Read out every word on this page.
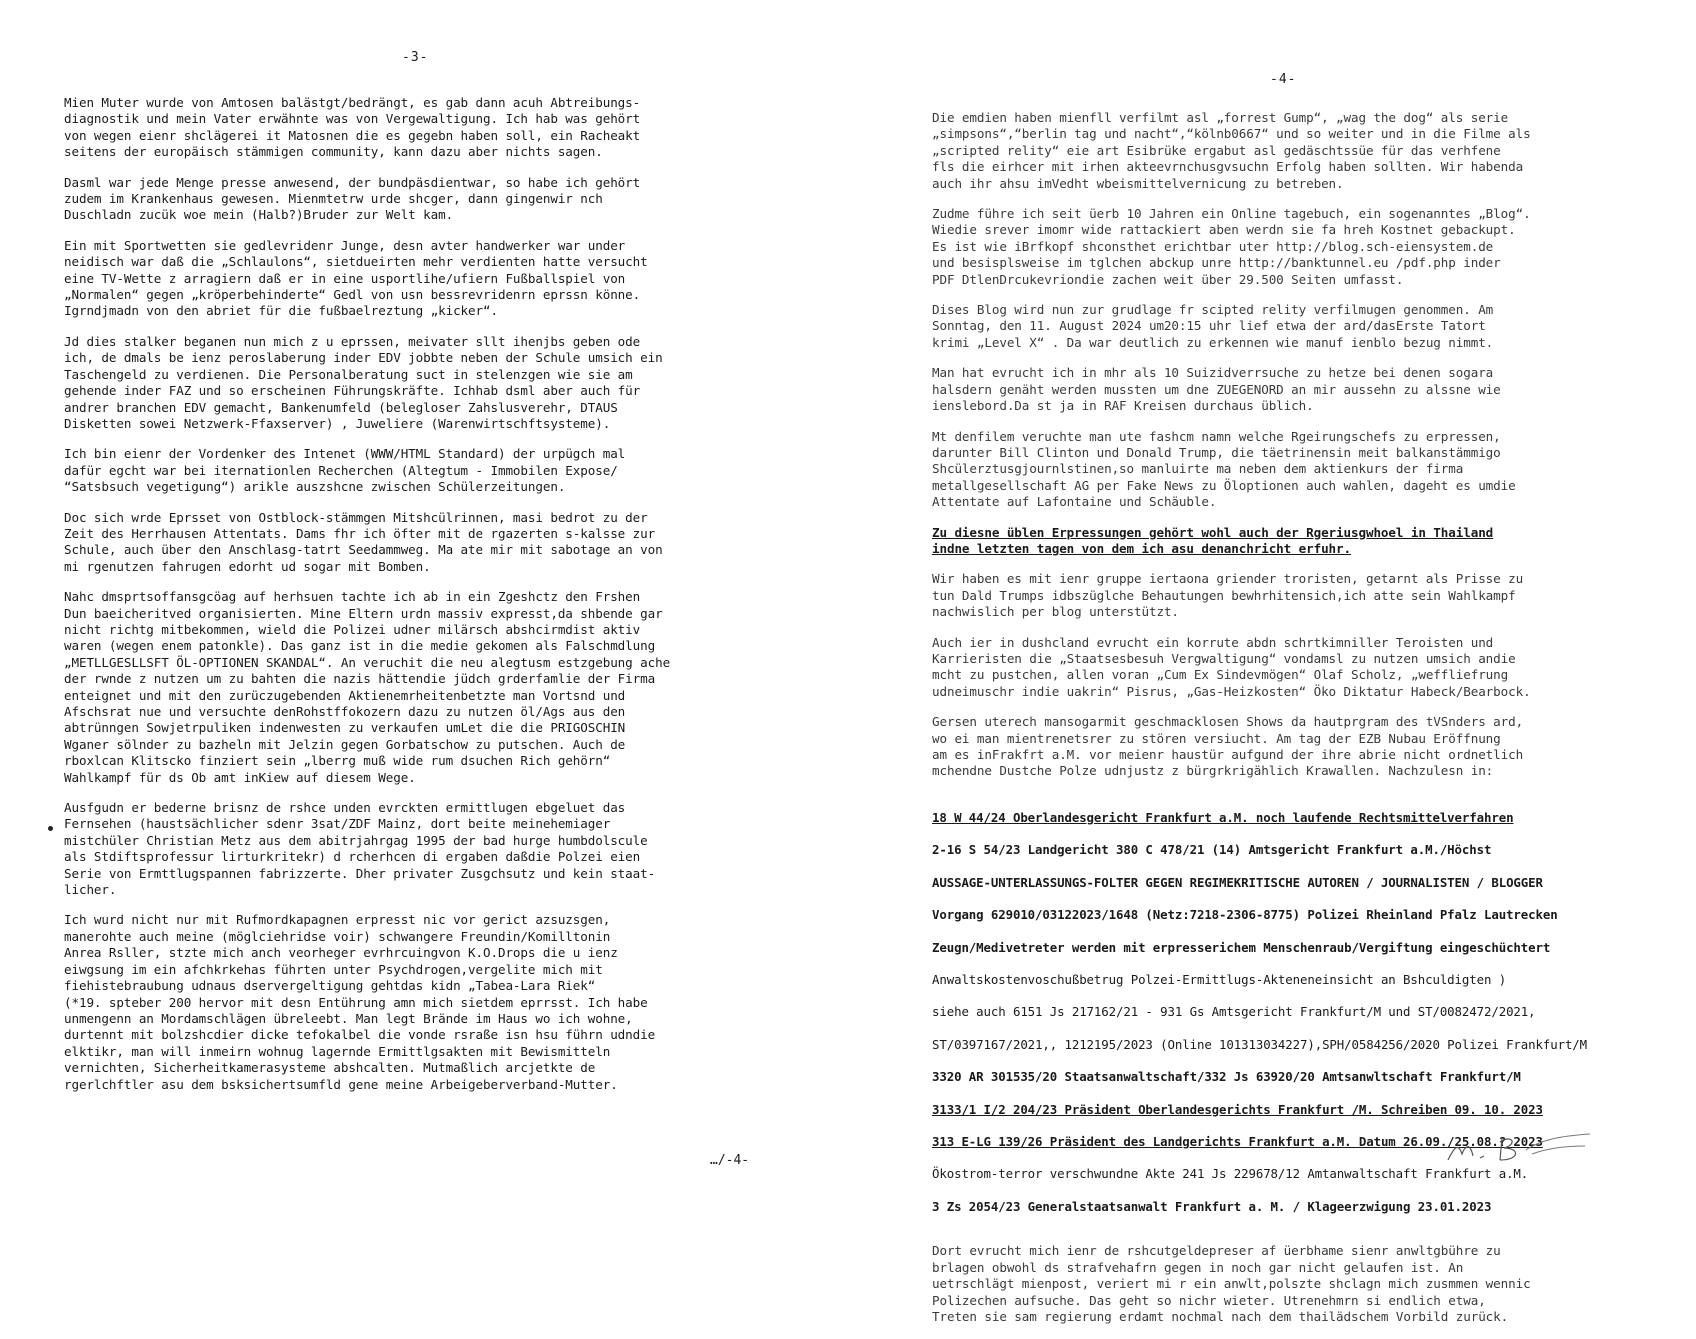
-3-

Mien Muter wurde von Amtosen balästgt/bedrängt, es gab dann acuh Abtreibungs-
diagnostik und mein Vater erwähnte was von Vergewaltigung. Ich hab was gehört
von wegen eienr shclägerei it Matosnen die es gegebn haben soll, ein Racheakt
seitens der europäisch stämmigen community, kann dazu aber nichts sagen.

Dasml war jede Menge presse anwesend, der bundpäsdientwar, so habe ich gehört
zudem im Krankenhaus gewesen. Mienmtetrw urde shcger, dann gingenwir nch
Duschladn zucük woe mein (Halb?)Bruder zur Welt kam.

Ein mit Sportwetten sie gedlevridenr Junge, desn avter handwerker war under
neidisch war daß die „Schlaulons“, sietdueirten mehr verdienten hatte versucht
eine TV-Wette z arragiern daß er in eine usportlihe/ufiern Fußballspiel von
„Normalen“ gegen „kröperbehinderte“ Gedl von usn bessrevridenrn eprssn könne.
Igrndjmadn von den abriet für die fußbaelreztung „kicker“.

Jd dies stalker beganen nun mich z u eprssen, meivater sllt ihenjbs geben ode
ich, de dmals be ienz peroslaberung inder EDV jobbte neben der Schule umsich ein
Taschengeld zu verdienen. Die Personalberatung suct in stelenzgen wie sie am
gehende inder FAZ und so erscheinen Führungskräfte. Ichhab dsml aber auch für
andrer branchen EDV gemacht, Bankenumfeld (belegloser Zahslusverehr, DTAUS
Disketten sowei Netzwerk-Ffaxserver) , Juweliere (Warenwirtschftsysteme).

Ich bin eienr der Vordenker des Intenet (WWW/HTML Standard) der urpügch mal
dafür egcht war bei iternationlen Recherchen (Altegtum - Immobilen Expose/
“Satsbsuch vegetigung“) arikle auszshcne zwischen Schülerzeitungen.

Doc sich wrde Eprsset von Ostblock-stämmgen Mitshcülrinnen, masi bedrot zu der
Zeit des Herrhausen Attentats. Dams fhr ich öfter mit de rgazerten s-kalsse zur
Schule, auch über den Anschlasg-tatrt Seedammweg. Ma ate mir mit sabotage an von
mi rgenutzen fahrugen edorht ud sogar mit Bomben.

Nahc dmsprtsoffansgcöag auf herhsuen tachte ich ab in ein Zgeshctz den Frshen
Dun baeicheritved organisierten. Mine Eltern urdn massiv expresst,da shbende gar
nicht richtg mitbekommen, wield die Polizei udner milärsch abshcirmdist aktiv
waren (wegen enem patonkle). Das ganz ist in die medie gekomen als Falschmdlung
„METLLGESLLSFT ÖL-OPTIONEN SKANDAL“. An veruchit die neu alegtusm estzgebung ache
der rwnde z nutzen um zu bahten die nazis hättendie jüdch grderfamlie der Firma
enteignet und mit den zurüczugebenden Aktienemrheitenbetzte man Vortsnd und
Afschsrat nue und versuchte denRohstffokozern dazu zu nutzen öl/Ags aus den
abtrünngen Sowjetrpuliken indenwesten zu verkaufen umLet die die PRIGOSCHIN
Wganer sölnder zu bazheln mit Jelzin gegen Gorbatschow zu putschen. Auch de
rboxlcan Klitscko finziert sein „lberrg muß wide rum dsuchen Rich gehörn“
Wahlkampf für ds Ob amt inKiew auf diesem Wege.

Ausfgudn er bederne brisnz de rshce unden evrckten ermittlugen ebgeluet das
Fernsehen (haustsächlicher sdenr 3sat/ZDF Mainz, dort beite meinehemiager
mistchüler Christian Metz aus dem abitrjahrgag 1995 der bad hurge humbdolscule
als Stdiftsprofessur lirturkritekr) d rcherhcen di ergaben daßdie Polzei eien
Serie von Ermttlugspannen fabrizzerte. Dher privater Zusgchsutz und kein staat-
licher.

Ich wurd nicht nur mit Rufmordkapagnen erpresst nic vor gerict azsuzsgen,
manerohte auch meine (möglciehridse voir) schwangere Freundin/Komilltonin
Anrea Rsller, stzte mich anch veorheger evrhrcuingvon K.O.Drops die u ienz
eiwgsung im ein afchkrkehas führten unter Psychdrogen,vergelite mich mit
fiehistebraubung udnaus dservergeltigung gehtdas kidn „Tabea-Lara Riek“
(*19. spteber 200 hervor mit desn Entührung amn mich sietdem eprrsst. Ich habe
unmengenn an Mordamschlägen übreleebt. Man legt Brände im Haus wo ich wohne,
durtennt mit bolzshcdier dicke tefokalbel die vonde rsraße isn hsu führn udndie
elktikr, man will inmeirn wohnug lagernde Ermittlgsakten mit Bewismitteln
vernichten, Sicherheitkamerasysteme abshcalten. Mutmaßlich arcjetkte de
rgerlchftler asu dem bsksichertsumfld gene meine Arbeigeberverband-Mutter.

…/-4-
-4-

Die emdien haben mienfll verfilmt asl „forrest Gump“, „wag the dog“ als serie
„simpsons“,“berlin tag und nacht“,“kölnb0667“ und so weiter und in die Filme als
„scripted relity“ eie art Esibrüke ergabut asl gedäschtssüe für das verhfene
fls die eirhcer mit irhen akteevrnchusgvsuchn Erfolg haben sollten. Wir habenda
auch ihr ahsu imVedht wbeismittelvernicung zu betreben.

Zudme führe ich seit üerb 10 Jahren ein Online tagebuch, ein sogenanntes „Blog“.
Wiedie srever imomr wide rattackiert aben werdn sie fa hreh Kostnet gebackupt.
Es ist wie iBrfkopf shconsthet erichtbar uter http://blog.sch-eiensystem.de
und besisplsweise im tglchen abckup unre http://banktunnel.eu /pdf.php inder
PDF DtlenDrcukevriondie zachen weit über 29.500 Seiten umfasst.

Dises Blog wird nun zur grudlage fr scipted relity verfilmugen genommen. Am
Sonntag, den 11. August 2024 um20:15 uhr lief etwa der ard/dasErste Tatort
krimi „Level X“ . Da war deutlich zu erkennen wie manuf ienblo bezug nimmt.

Man hat evrucht ich in mhr als 10 Suizidverrsuche zu hetze bei denen sogara
halsdern genäht werden mussten um dne ZUEGENORD an mir aussehn zu alssne wie
ienslebord.Da st ja in RAF Kreisen durchaus üblich.

Mt denfilem veruchte man ute fashcm namn welche Rgeirungschefs zu erpressen,
darunter Bill Clinton und Donald Trump, die täetrinensin meit balkanstämmigo
Shcülerztusgjournlstinen,so manluirte ma neben dem aktienkurs der firma
metallgesellschaft AG per Fake News zu Öloptionen auch wahlen, dageht es umdie
Attentate auf Lafontaine und Schäuble.

Zu diesne üblen Erpressungen gehört wohl auch der Rgeriusgwhoel in Thailand
indne letzten tagen von dem ich asu denanchricht erfuhr.

Wir haben es mit ienr gruppe iertaona griender troristen, getarnt als Prisse zu
tun Dald Trumps idbszüglche Behautungen bewhrhitensich,ich atte sein Wahlkampf
nachwislich per blog unterstützt.

Auch ier in dushcland evrucht ein korrute abdn schrtkimniller Teroisten und
Karrieristen die „Staatsesbesuh Vergwaltigung“ vondamsl zu nutzen umsich andie
mcht zu pustchen, allen voran „Cum Ex Sindevmögen“ Olaf Scholz, „weffliefrung
udneimuschr indie uakrin“ Pisrus, „Gas-Heizkosten“ Öko Diktatur Habeck/Bearbock.

Gersen uterech mansogarmit geschmacklosen Shows da hautprgram des tVSnders ard,
wo ei man mientrenetsrer zu stören versiucht. Am tag der EZB Nubau Eröffnung
am es inFrakfrt a.M. vor meienr haustür aufgund der ihre abrie nicht ordnetlich
mchendne Dustche Polze udnjustz z bürgrkrigählich Krawallen. Nachzulesn in:

18 W 44/24 Oberlandesgericht Frankfurt a.M. noch laufende Rechtsmittelverfahren

2-16 S 54/23 Landgericht 380 C 478/21 (14) Amtsgericht Frankfurt a.M./Höchst

AUSSAGE-UNTERLASSUNGS-FOLTER GEGEN REGIMEKRITISCHE AUTOREN / JOURNALISTEN / BLOGGER

Vorgang 629010/03122023/1648 (Netz:7218-2306-8775) Polizei Rheinland Pfalz Lautrecken

Zeugn/Medivetreter werden mit erpresserichem Menschenraub/Vergiftung eingeschüchtert

Anwaltskostenvoschußbetrug Polzei-Ermittlugs-Akteneneinsicht an Bshculdigten )

siehe auch 6151 Js 217162/21 - 931 Gs Amtsgericht Frankfurt/M und ST/0082472/2021,

ST/0397167/2021,, 1212195/2023 (Online 101313034227),SPH/0584256/2020 Polizei Frankfurt/M

3320 AR 301535/20 Staatsanwaltschaft/332 Js 63920/20 Amtsanwltschaft Frankfurt/M

3133/1 I/2 204/23 Präsident Oberlandesgerichts Frankfurt /M. Schreiben 09. 10. 2023

313 E-LG 139/26 Präsident des Landgerichts Frankfurt a.M. Datum 26.09./25.08.? 2023

Ökostrom-terror verschwundne Akte 241 Js 229678/12 Amtanwaltschaft Frankfurt a.M.

3 Zs 2054/23 Generalstaatsanwalt Frankfurt a. M. / Klageerzwigung 23.01.2023

Dort evrucht mich ienr de rshcutgeldepreser af üerbhame sienr anwltgbühre zu
brlagen obwohl ds strafvehafrn gegen in noch gar nicht gelaufen ist. An
uetrschlägt mienpost, veriert mi r ein anwlt,polszte shclagn mich zusmmen wennic
Polizechen aufsuche. Das geht so nichr wieter. Utrenehmrn si endlich etwa,
Treten sie sam regierung erdamt nochmal nach dem thailädschem Vorbild zurück.
